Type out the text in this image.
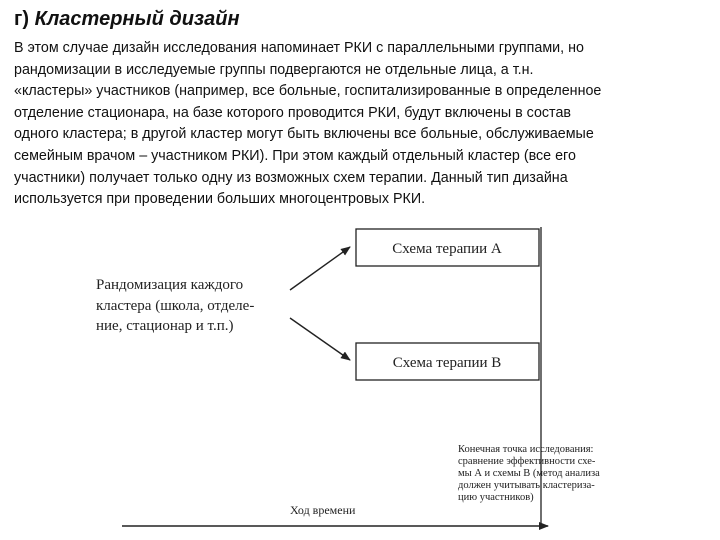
г) Кластерный дизайн
В этом случае дизайн исследования напоминает РКИ с параллельными группами, но
рандомизации в исследуемые группы подвергаются не отдельные лица, а т.н.
«кластеры» участников (например, все больные, госпитализированные в определенное
отделение стационара, на базе которого проводится РКИ, будут включены в состав
одного кластера; в другой кластер могут быть включены все больные, обслуживаемые
семейным врачом – участником РКИ). При этом каждый отдельный кластер (все его
участники) получает только одну из возможных схем терапии. Данный тип дизайна
используется при проведении больших многоцентровых РКИ.
Рандомизация каждого кластера (школа, отделе- ние, стационар и т.п.)
Схема терапии А
Схема терапии В
Конечная точка исследования: сравнение эффективности схе- мы А и схемы В (метод анализа должен учитывать кластериза- цию участников)
Ход времени
